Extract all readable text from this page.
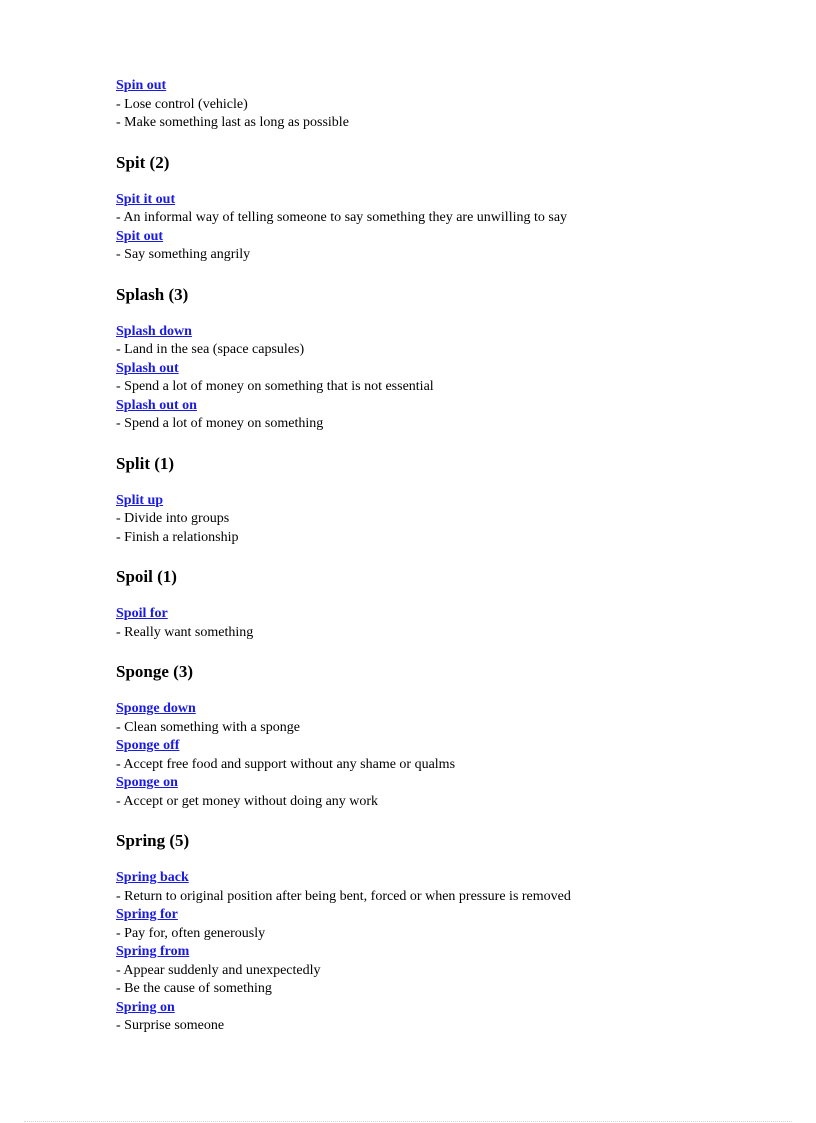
Spin out
- Lose control (vehicle)
- Make something last as long as possible
Spit (2)
Spit it out
- An informal way of telling someone to say something they are unwilling to say
Spit out
- Say something angrily
Splash (3)
Splash down
- Land in the sea (space capsules)
Splash out
- Spend a lot of money on something that is not essential
Splash out on
- Spend a lot of money on something
Split (1)
Split up
- Divide into groups
- Finish a relationship
Spoil (1)
Spoil for
- Really want something
Sponge (3)
Sponge down
- Clean something with a sponge
Sponge off
- Accept free food and support without any shame or qualms
Sponge on
- Accept or get money without doing any work
Spring (5)
Spring back
- Return to original position after being bent, forced or when pressure is removed
Spring for
- Pay for, often generously
Spring from
- Appear suddenly and unexpectedly
- Be the cause of something
Spring on
- Surprise someone
